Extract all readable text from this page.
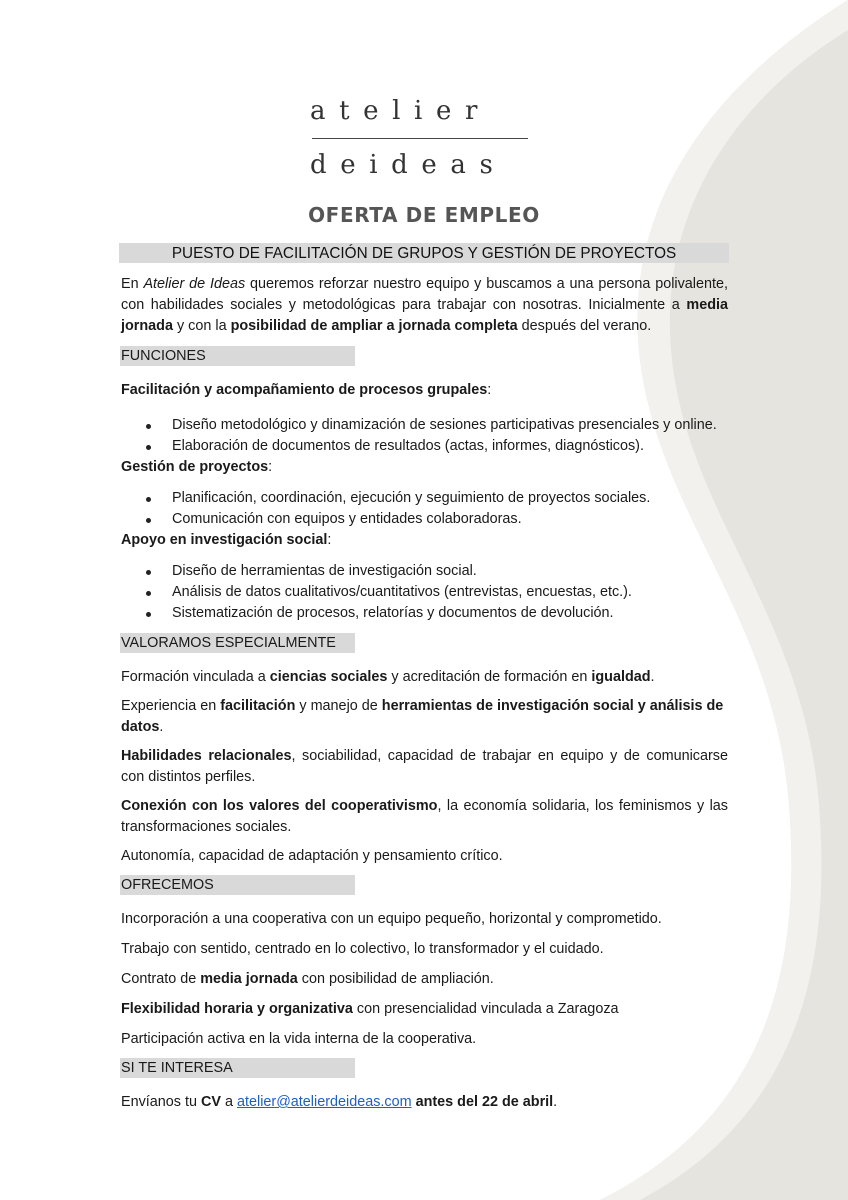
atelier
deideas
OFERTA DE EMPLEO
PUESTO DE FACILITACIÓN DE GRUPOS Y GESTIÓN DE PROYECTOS

En Atelier de Ideas queremos reforzar nuestro equipo y buscamos a una persona polivalente, con habilidades sociales y metodológicas para trabajar con nosotras. Inicialmente a media jornada y con la posibilidad de ampliar a jornada completa después del verano.

FUNCIONES

Facilitación y acompañamiento de procesos grupales:

Diseño metodológico y dinamización de sesiones participativas presenciales y online.
Elaboración de documentos de resultados (actas, informes, diagnósticos).

Gestión de proyectos:

Planificación, coordinación, ejecución y seguimiento de proyectos sociales.
Comunicación con equipos y entidades colaboradoras.

Apoyo en investigación social:

Diseño de herramientas de investigación social.
Análisis de datos cualitativos/cuantitativos (entrevistas, encuestas, etc.).
Sistematización de procesos, relatorías y documentos de devolución.
VALORAMOS ESPECIALMENTE

Formación vinculada a ciencias sociales y acreditación de formación en igualdad.

Experiencia en facilitación y manejo de herramientas de investigación social y análisis de datos.

Habilidades relacionales, sociabilidad, capacidad de trabajar en equipo y de comunicarse con distintos perfiles.

Conexión con los valores del cooperativismo, la economía solidaria, los feminismos y las transformaciones sociales.

Autonomía, capacidad de adaptación y pensamiento crítico.

OFRECEMOS

Incorporación a una cooperativa con un equipo pequeño, horizontal y comprometido.

Trabajo con sentido, centrado en lo colectivo, lo transformador y el cuidado.

Contrato de media jornada con posibilidad de ampliación.

Flexibilidad horaria y organizativa con presencialidad vinculada a Zaragoza

Participación activa en la vida interna de la cooperativa.

SI TE INTERESA

Envíanos tu CV a atelier@atelierdeideas.com antes del 22 de abril.
